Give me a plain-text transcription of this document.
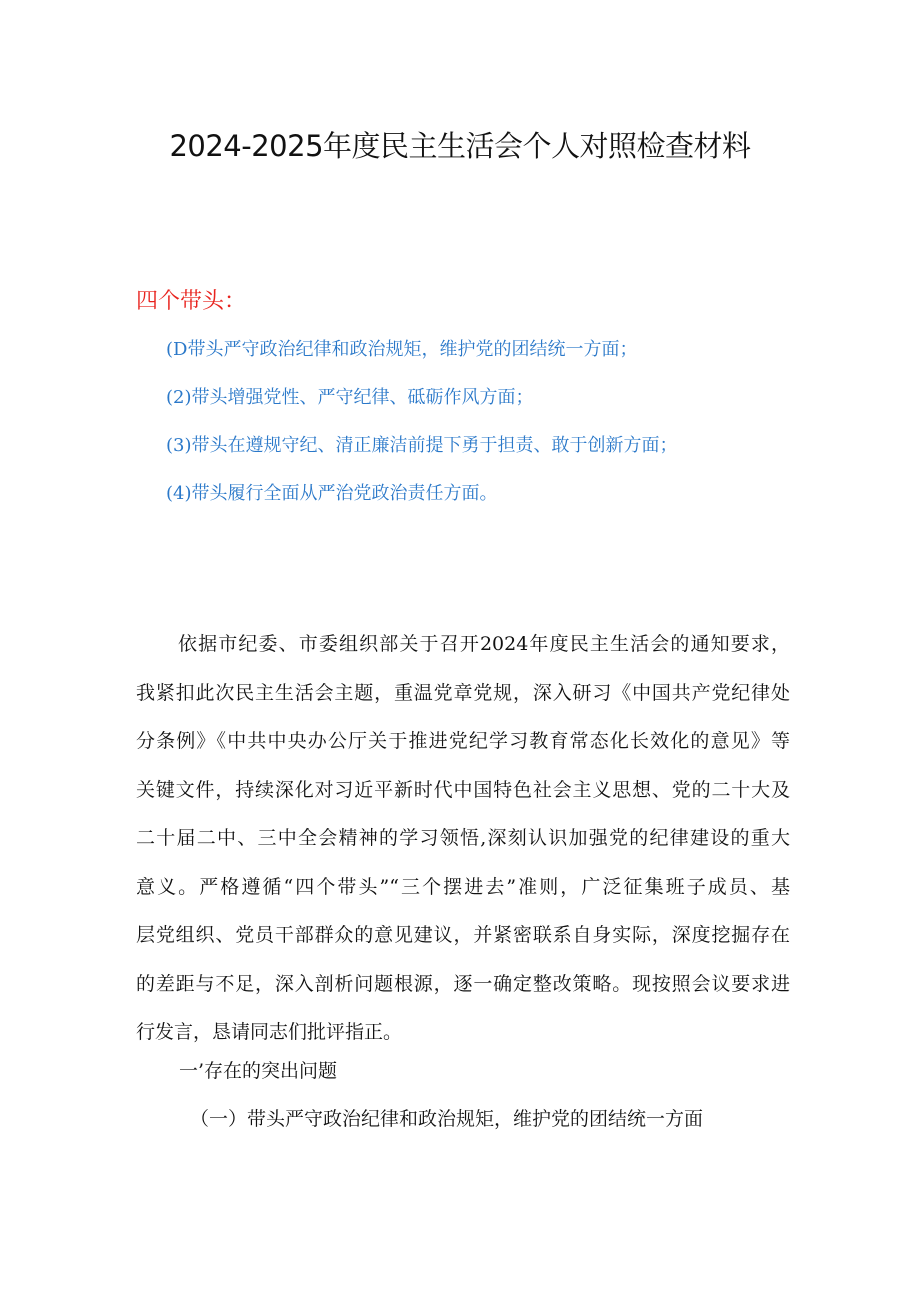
2024-2025年度民主生活会个人对照检查材料
四个带头：
(D带头严守政治纪律和政治规矩，维护党的团结统一方面；
(2)带头增强党性、严守纪律、砥砺作风方面；
(3)带头在遵规守纪、清正廉洁前提下勇于担责、敢于创新方面；
(4)带头履行全面从严治党政治责任方面。
依据市纪委、市委组织部关于召开2024年度民主生活会的通知要求，
我紧扣此次民主生活会主题，重温党章党规，深入研习《中国共产党纪律处
分条例》《中共中央办公厅关于推进党纪学习教育常态化长效化的意见》等
关键文件，持续深化对习近平新时代中国特色社会主义思想、党的二十大及
二十届二中、三中全会精神的学习领悟,深刻认识加强党的纪律建设的重大
意义。严格遵循“四个带头”“三个摆进去”准则，广泛征集班子成员、基
层党组织、党员干部群众的意见建议，并紧密联系自身实际，深度挖掘存在
的差距与不足，深入剖析问题根源，逐一确定整改策略。现按照会议要求进
行发言，恳请同志们批评指正。
一’存在的突出问题
（一）带头严守政治纪律和政治规矩，维护党的团结统一方面
